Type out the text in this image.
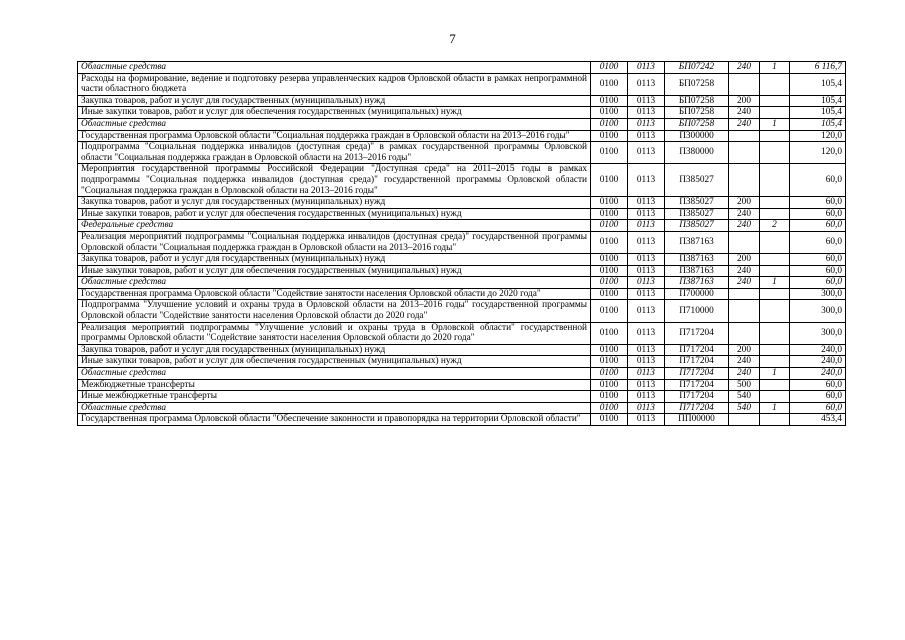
7
Областные средства	0100	0113	БП07242	240	1	6 116,7
Расходы на формирование, ведение и подготовку резерва управленческих кадров Орловской области в рамках непрограммной части областного бюджета	0100	0113	БП07258			105,4
Закупка товаров, работ и услуг для государственных (муниципальных) нужд	0100	0113	БП07258	200		105,4
Иные закупки товаров, работ и услуг для обеспечения государственных (муниципальных) нужд	0100	0113	БП07258	240		105,4
Областные средства	0100	0113	БП07258	240	1	105,4
Государственная программа Орловской области "Социальная поддержка граждан в Орловской области на 2013–2016 годы"	0100	0113	П300000			120,0
Подпрограмма "Социальная поддержка инвалидов (доступная среда)" в рамках государственной программы Орловской области "Социальная поддержка граждан в Орловской области на 2013–2016 годы"	0100	0113	П380000			120,0
Мероприятия государственной программы Российской Федерации "Доступная среда" на 2011–2015 годы в рамках подпрограммы "Социальная поддержка инвалидов (доступная среда)" государственной программы Орловской области "Социальная поддержка граждан в Орловской области на 2013–2016 годы"	0100	0113	П385027			60,0
Закупка товаров, работ и услуг для государственных (муниципальных) нужд	0100	0113	П385027	200		60,0
Иные закупки товаров, работ и услуг для обеспечения государственных (муниципальных) нужд	0100	0113	П385027	240		60,0
Федеральные средства	0100	0113	П385027	240	2	60,0
Реализация мероприятий подпрограммы "Социальная поддержка инвалидов (доступная среда)" государственной программы Орловской области "Социальная поддержка граждан в Орловской области на 2013–2016 годы"	0100	0113	П387163			60,0
Закупка товаров, работ и услуг для государственных (муниципальных) нужд	0100	0113	П387163	200		60,0
Иные закупки товаров, работ и услуг для обеспечения государственных (муниципальных) нужд	0100	0113	П387163	240		60,0
Областные средства	0100	0113	П387163	240	1	60,0
Государственная программа Орловской области "Содействие занятости населения Орловской области до 2020 года"	0100	0113	П700000			300,0
Подпрограмма "Улучшение условий и охраны труда в Орловской области на 2013–2016 годы" государственной программы Орловской области "Содействие занятости населения Орловской области до 2020 года"	0100	0113	П710000			300,0
Реализация мероприятий подпрограммы "Улучшение условий и охраны труда в Орловской области" государственной программы Орловской области "Содействие занятости населения Орловской области до 2020 года"	0100	0113	П717204			300,0
Закупка товаров, работ и услуг для государственных (муниципальных) нужд	0100	0113	П717204	200		240,0
Иные закупки товаров, работ и услуг для обеспечения государственных (муниципальных) нужд	0100	0113	П717204	240		240,0
Областные средства	0100	0113	П717204	240	1	240,0
Межбюджетные трансферты	0100	0113	П717204	500		60,0
Иные межбюджетные трансферты	0100	0113	П717204	540		60,0
Областные средства	0100	0113	П717204	540	1	60,0
Государственная программа Орловской области "Обеспечение законности и правопорядка на территории Орловской области"	0100	0113	ПП00000			453,4
